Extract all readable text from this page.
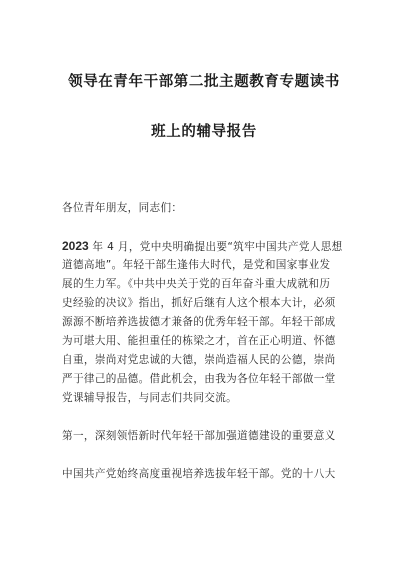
领导在青年干部第二批主题教育专题读书
班上的辅导报告
各位青年朋友，同志们：
2023 年 4 月，党中央明确提出要“筑牢中国共产党人思想
道德高地”。年轻干部生逢伟大时代，是党和国家事业发
展的生力军。《中共中央关于党的百年奋斗重大成就和历
史经验的决议》指出，抓好后继有人这个根本大计，必须
源源不断培养选拔德才兼备的优秀年轻干部。年轻干部成
为可堪大用、能担重任的栋梁之才，首在正心明道、怀德
自重，崇尚对党忠诚的大德，崇尚造福人民的公德，崇尚
严于律己的品德。借此机会，由我为各位年轻干部做一堂
党课辅导报告，与同志们共同交流。
第一，深刻领悟新时代年轻干部加强道德建设的重要意义
中国共产党始终高度重视培养选拔年轻干部。党的十八大
